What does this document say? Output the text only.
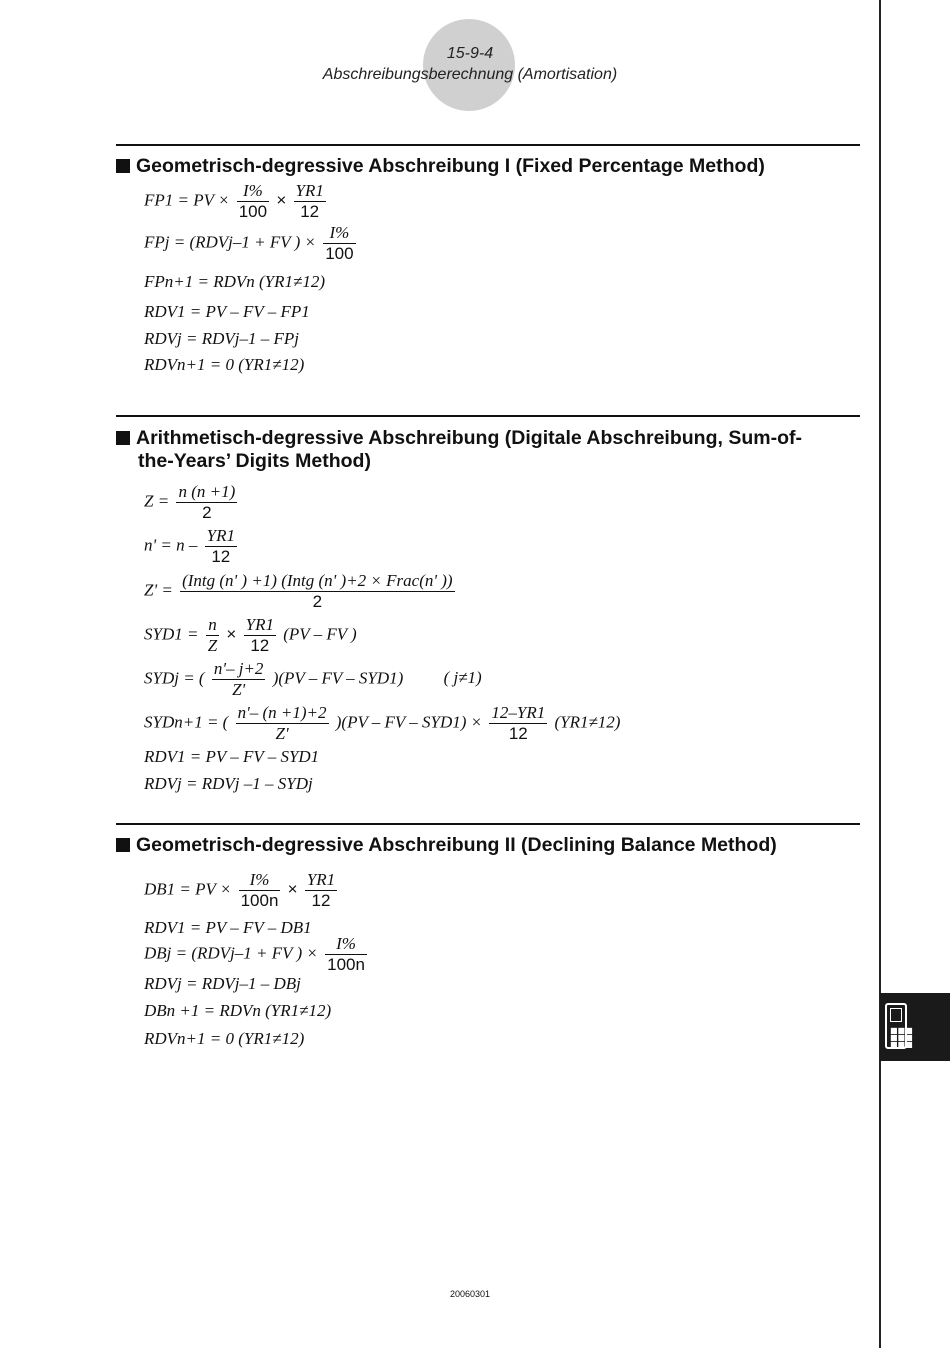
■■■
■■■
■■■
15-9-4
Abschreibungsberechnung (Amortisation)
Geometrisch-degressive Abschreibung I (Fixed Percentage Method)
FP1 = PV × $\frac{I\%}{100} \times \frac{YR1}{12}$
FPj = (RDVj–1 + FV ) × $\frac{I\%}{100}$
FPn+1 = RDVn (YR1≠12)
RDV1 = PV – FV – FP1
RDVj = RDVj–1 – FPj
RDVn+1 = 0 (YR1≠12)
Arithmetisch-degressive Abschreibung (Digitale Abschreibung, Sum-of-
the-Years’ Digits Method)
$Z = \frac{n (n +1)}{2}$
$n' = n - \frac{YR1}{12}$
$Z' = \frac{\text{(Intg (n' ) +1) (Intg (n' )+2 × Frac(n' ))}}{2}$
$SYD1 = \frac{n}{Z} \times \frac{YR1}{12} (PV$ – FV )
SYDj = ( $\frac{n'- j+2}{Z'} )(PV$ – FV – SYD1) ( j≠1)
SYDn+1 = ( $\frac{n'- (n +1)+2}{Z'} )(PV$ – FV – $SYD1) \times \frac{12-YR1}{12} (YR1\ne 12)$
RDV1 = PV – FV – SYD1
RDVj = RDVj –1 – SYDj
Geometrisch-degressive Abschreibung II (Declining Balance Method)
DB1 = PV × $\frac{I\%}{100n} \times \frac{YR1}{12}$
RDV1 = PV – FV – DB1
DBj = (RDVj–1 + FV ) × $\frac{I\%}{100n}$
RDVj = RDVj–1 – DBj
DBn +1 = RDVn (YR1≠12)
RDVn+1 = 0 (YR1≠12)
20060301
